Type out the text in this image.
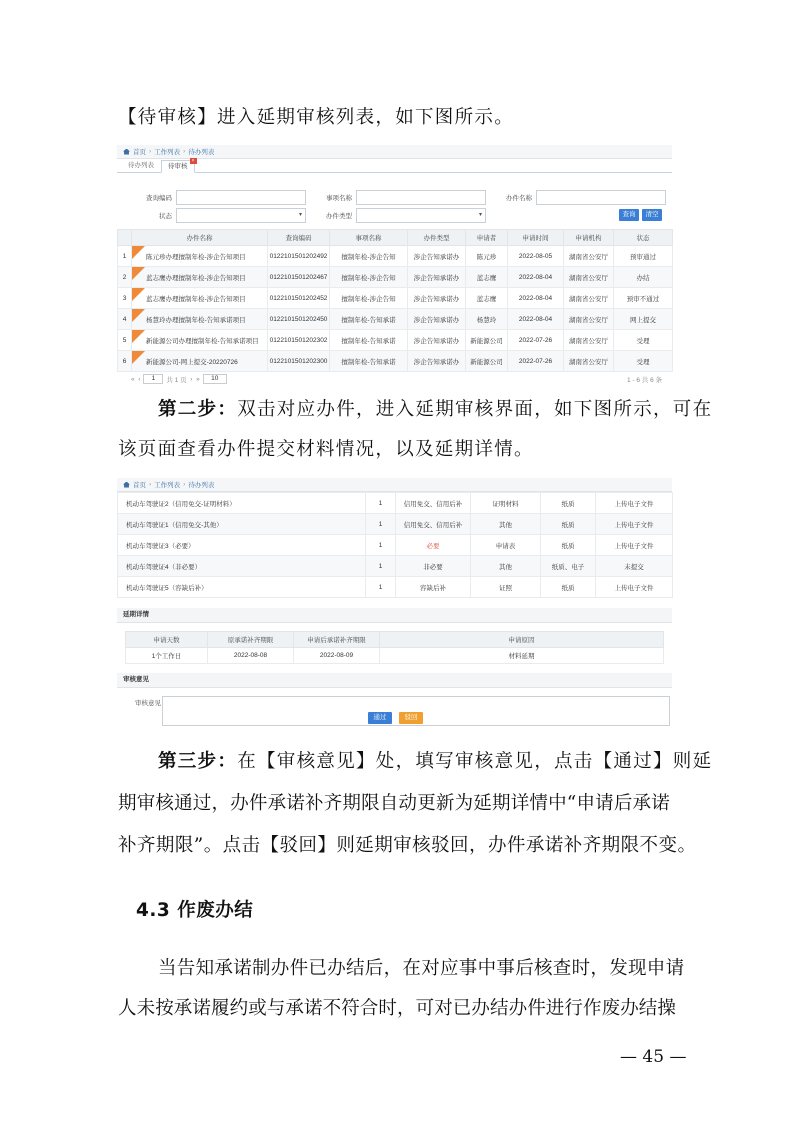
【待审核】进入延期审核列表，如下图所示。
首页 › 工作列表 › 待办列表
待办列表	待审核
×
查询编码	事项名称	办件名称
状态 ▾	办件类型 ▾	查询	清空
	办件名称	查询编码	事项名称	办件类型	申请者	申请时间	申请机构	状态
1	陈元珍办理擅制年检-涉企告知项目	0122101501202492	擅制年检-涉企告知	涉企告知承诺办	陈元珍	2022-08-05	湖南省公安厅	预审通过
2	蓝志鹰办理擅制年检-涉企告知项目	0122101501202467	擅制年检-涉企告知	涉企告知承诺办	蓝志鹰	2022-08-04	湖南省公安厅	办结
3	蓝志鹰办理擅制年检-涉企告知项目	0122101501202452	擅制年检-涉企告知	涉企告知承诺办	蓝志鹰	2022-08-04	湖南省公安厅	预审不通过
4	杨慧玲办理擅制年检-告知承诺项目	0122101501202450	擅制年检-告知承诺	涉企告知承诺办	杨慧玲	2022-08-04	湖南省公安厅	网上提交
5	新能源公司办理擅制年检-告知承诺项目	0122101501202302	擅制年检-告知承诺	涉企告知承诺办	新能源公司	2022-07-26	湖南省公安厅	受理
6	新能源公司-网上提交-20220726	0122101501202300	擅制年检-告知承诺	涉企告知承诺办	新能源公司	2022-07-26	湖南省公安厅	受理
«
‹	1	共 1 页
›
»	10	1 - 6 共 6 条
第二步：双击对应办件，进入延期审核界面，如下图所示，可在
该页面查看办件提交材料情况，以及延期详情。
首页 › 工作列表 › 待办列表
机动车驾驶证2（信用免交-证明材料）	1	信用免交、信用后补	证明材料	纸质	上传电子文件
机动车驾驶证1（信用免交-其他）	1	信用免交、信用后补	其他	纸质	上传电子文件
机动车驾驶证3（必要）	1	必要	申请表	纸质	上传电子文件
机动车驾驶证4（非必要）	1	非必要	其他	纸质、电子	未提交
机动车驾驶证5（容缺后补）	1	容缺后补	证照	纸质	上传电子文件
延期详情
申请天数	原承诺补齐期限	申请后承诺补齐期限	申请原因
1个工作日	2022-08-08	2022-08-09	材料延期
审核意见
审核意见
通过	驳回
第三步：在【审核意见】处，填写审核意见，点击【通过】则延
期审核通过，办件承诺补齐期限自动更新为延期详情中“申请后承诺
补齐期限”。点击【驳回】则延期审核驳回，办件承诺补齐期限不变。
4.3 作废办结
当告知承诺制办件已办结后，在对应事中事后核查时，发现申请
人未按承诺履约或与承诺不符合时，可对已办结办件进行作废办结操
— 45 —
